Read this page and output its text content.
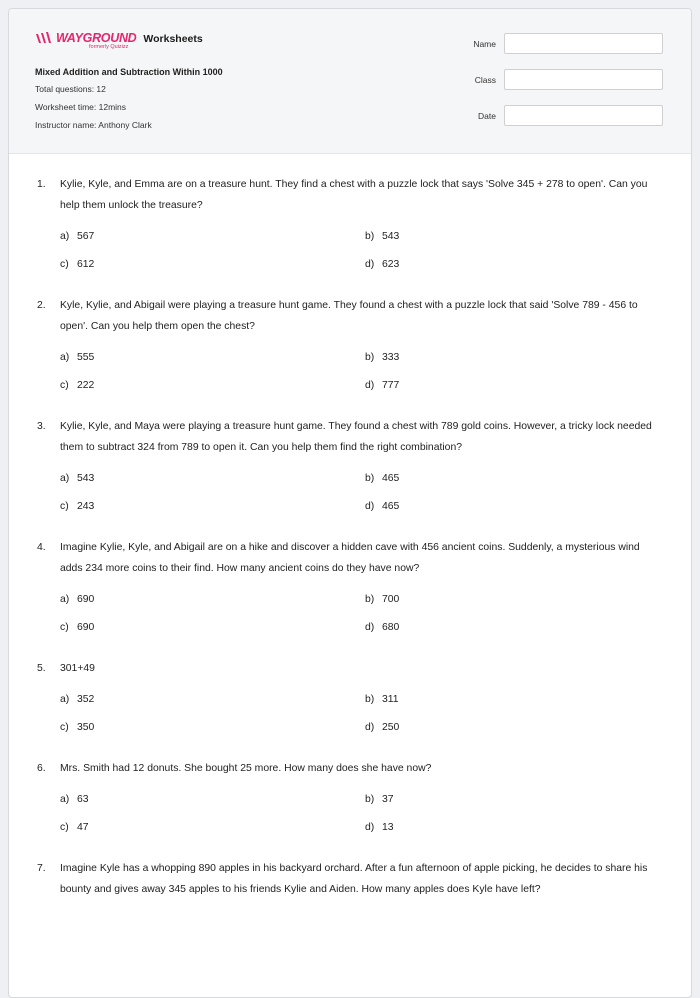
WAYGROUND
formerly Quizizz
Worksheets
Mixed Addition and Subtraction Within 1000
Total questions: 12
Worksheet time: 12mins
Instructor name: Anthony Clark
Name
Class
Date
1.	Kylie, Kyle, and Emma are on a treasure hunt. They find a chest with a puzzle lock that says 'Solve 345 + 278 to open'. Can you help them unlock the treasure?
a) 567	b) 543
c) 612	d) 623
2.	Kyle, Kylie, and Abigail were playing a treasure hunt game. They found a chest with a puzzle lock that said 'Solve 789 - 456 to open'. Can you help them open the chest?
a) 555	b) 333
c) 222	d) 777
3.	Kylie, Kyle, and Maya were playing a treasure hunt game. They found a chest with 789 gold coins. However, a tricky lock needed them to subtract 324 from 789 to open it. Can you help them find the right combination?
a) 543	b) 465
c) 243	d) 465
4.	Imagine Kylie, Kyle, and Abigail are on a hike and discover a hidden cave with 456 ancient coins. Suddenly, a mysterious wind adds 234 more coins to their find. How many ancient coins do they have now?
a) 690	b) 700
c) 690	d) 680
5.	301+49
a) 352	b) 311
c) 350	d) 250
6.	Mrs. Smith had 12 donuts. She bought 25 more. How many does she have now?
a) 63	b) 37
c) 47	d) 13
7.	Imagine Kyle has a whopping 890 apples in his backyard orchard. After a fun afternoon of apple picking, he decides to share his bounty and gives away 345 apples to his friends Kylie and Aiden. How many apples does Kyle have left?
